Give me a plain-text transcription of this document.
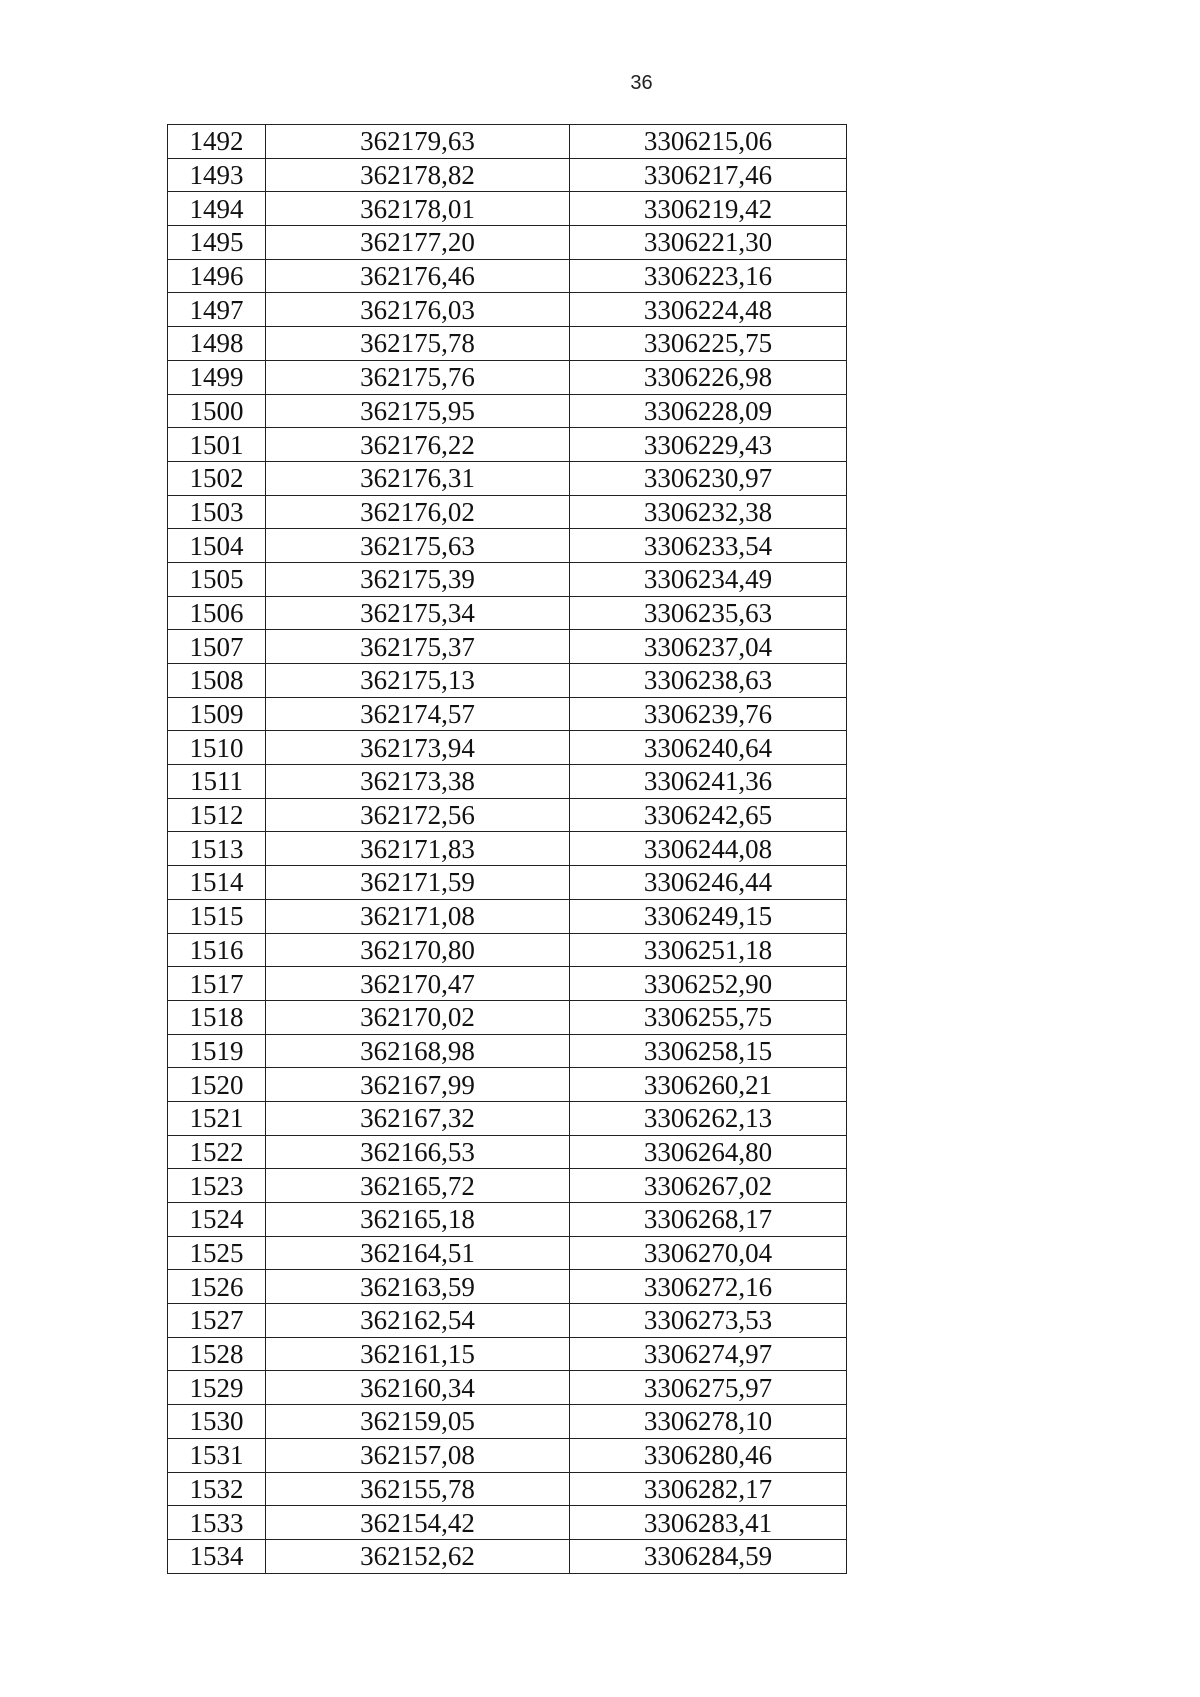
36
1492	362179,63	3306215,06
1493	362178,82	3306217,46
1494	362178,01	3306219,42
1495	362177,20	3306221,30
1496	362176,46	3306223,16
1497	362176,03	3306224,48
1498	362175,78	3306225,75
1499	362175,76	3306226,98
1500	362175,95	3306228,09
1501	362176,22	3306229,43
1502	362176,31	3306230,97
1503	362176,02	3306232,38
1504	362175,63	3306233,54
1505	362175,39	3306234,49
1506	362175,34	3306235,63
1507	362175,37	3306237,04
1508	362175,13	3306238,63
1509	362174,57	3306239,76
1510	362173,94	3306240,64
1511	362173,38	3306241,36
1512	362172,56	3306242,65
1513	362171,83	3306244,08
1514	362171,59	3306246,44
1515	362171,08	3306249,15
1516	362170,80	3306251,18
1517	362170,47	3306252,90
1518	362170,02	3306255,75
1519	362168,98	3306258,15
1520	362167,99	3306260,21
1521	362167,32	3306262,13
1522	362166,53	3306264,80
1523	362165,72	3306267,02
1524	362165,18	3306268,17
1525	362164,51	3306270,04
1526	362163,59	3306272,16
1527	362162,54	3306273,53
1528	362161,15	3306274,97
1529	362160,34	3306275,97
1530	362159,05	3306278,10
1531	362157,08	3306280,46
1532	362155,78	3306282,17
1533	362154,42	3306283,41
1534	362152,62	3306284,59
